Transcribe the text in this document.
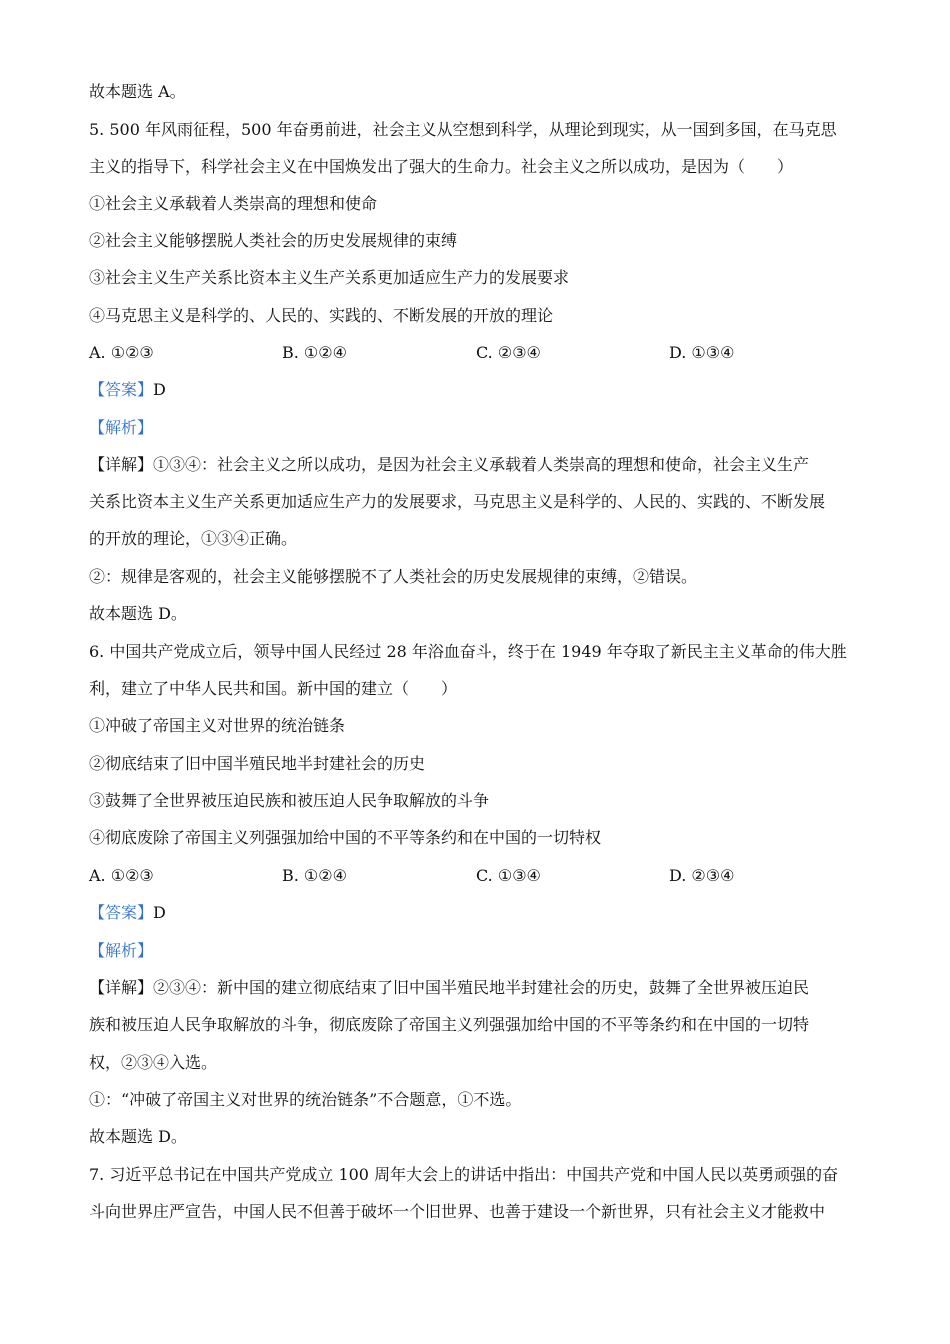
故本题选 A。
5. 500 年风雨征程，500 年奋勇前进，社会主义从空想到科学，从理论到现实，从一国到多国，在马克思
主义的指导下，科学社会主义在中国焕发出了强大的生命力。社会主义之所以成功，是因为（　　）
①社会主义承载着人类崇高的理想和使命
②社会主义能够摆脱人类社会的历史发展规律的束缚
③社会主义生产关系比资本主义生产关系更加适应生产力的发展要求
④马克思主义是科学的、人民的、实践的、不断发展的开放的理论
A. ①②③	B. ①②④	C. ②③④	D. ①③④
【答案】D
【解析】
【详解】①③④：社会主义之所以成功，是因为社会主义承载着人类崇高的理想和使命，社会主义生产
关系比资本主义生产关系更加适应生产力的发展要求，马克思主义是科学的、人民的、实践的、不断发展
的开放的理论，①③④正确。
②：规律是客观的，社会主义能够摆脱不了人类社会的历史发展规律的束缚，②错误。
故本题选 D。
6. 中国共产党成立后，领导中国人民经过 28 年浴血奋斗，终于在 1949 年夺取了新民主主义革命的伟大胜
利，建立了中华人民共和国。新中国的建立（　　）
①冲破了帝国主义对世界的统治链条
②彻底结束了旧中国半殖民地半封建社会的历史
③鼓舞了全世界被压迫民族和被压迫人民争取解放的斗争
④彻底废除了帝国主义列强强加给中国的不平等条约和在中国的一切特权
A. ①②③	B. ①②④	C. ①③④	D. ②③④
【答案】D
【解析】
【详解】②③④：新中国的建立彻底结束了旧中国半殖民地半封建社会的历史，鼓舞了全世界被压迫民
族和被压迫人民争取解放的斗争，彻底废除了帝国主义列强强加给中国的不平等条约和在中国的一切特
权，②③④入选。
①：“冲破了帝国主义对世界的统治链条”不合题意，①不选。
故本题选 D。
7. 习近平总书记在中国共产党成立 100 周年大会上的讲话中指出：中国共产党和中国人民以英勇顽强的奋
斗向世界庄严宣告，中国人民不但善于破坏一个旧世界、也善于建设一个新世界，只有社会主义才能救中
